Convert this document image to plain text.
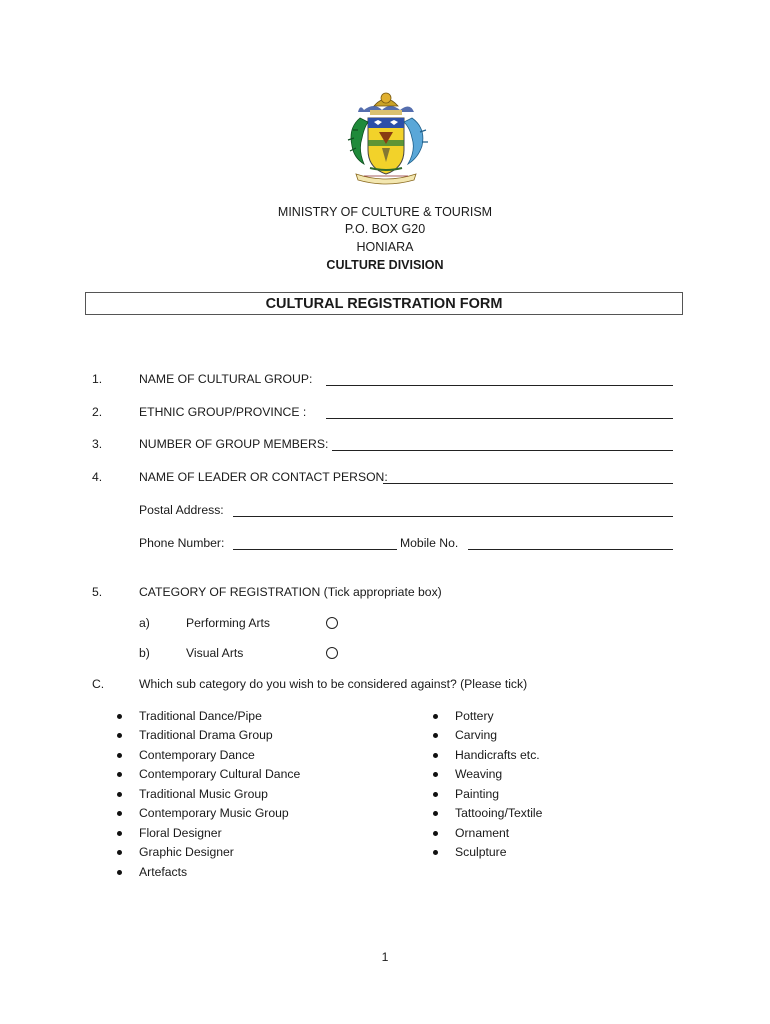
MINISTRY OF CULTURE & TOURISM
P.O. BOX G20
HONIARA
CULTURE DIVISION
CULTURAL REGISTRATION FORM
1.	NAME OF CULTURAL GROUP:
2.	ETHNIC GROUP/PROVINCE :
3.	NUMBER OF GROUP MEMBERS:
4.	NAME OF LEADER OR CONTACT PERSON:
Postal Address:
Phone Number:	Mobile No.
5.	CATEGORY OF REGISTRATION (Tick appropriate box)
a)	Performing Arts
b)	Visual Arts
C.	Which sub category do you wish to be considered against? (Please tick)
Traditional Dance/Pipe
Traditional Drama Group
Contemporary Dance
Contemporary Cultural Dance
Traditional Music Group
Contemporary Music Group
Floral Designer
Graphic Designer
Artefacts
Pottery
Carving
Handicrafts etc.
Weaving
Painting
Tattooing/Textile
Ornament
Sculpture
1
